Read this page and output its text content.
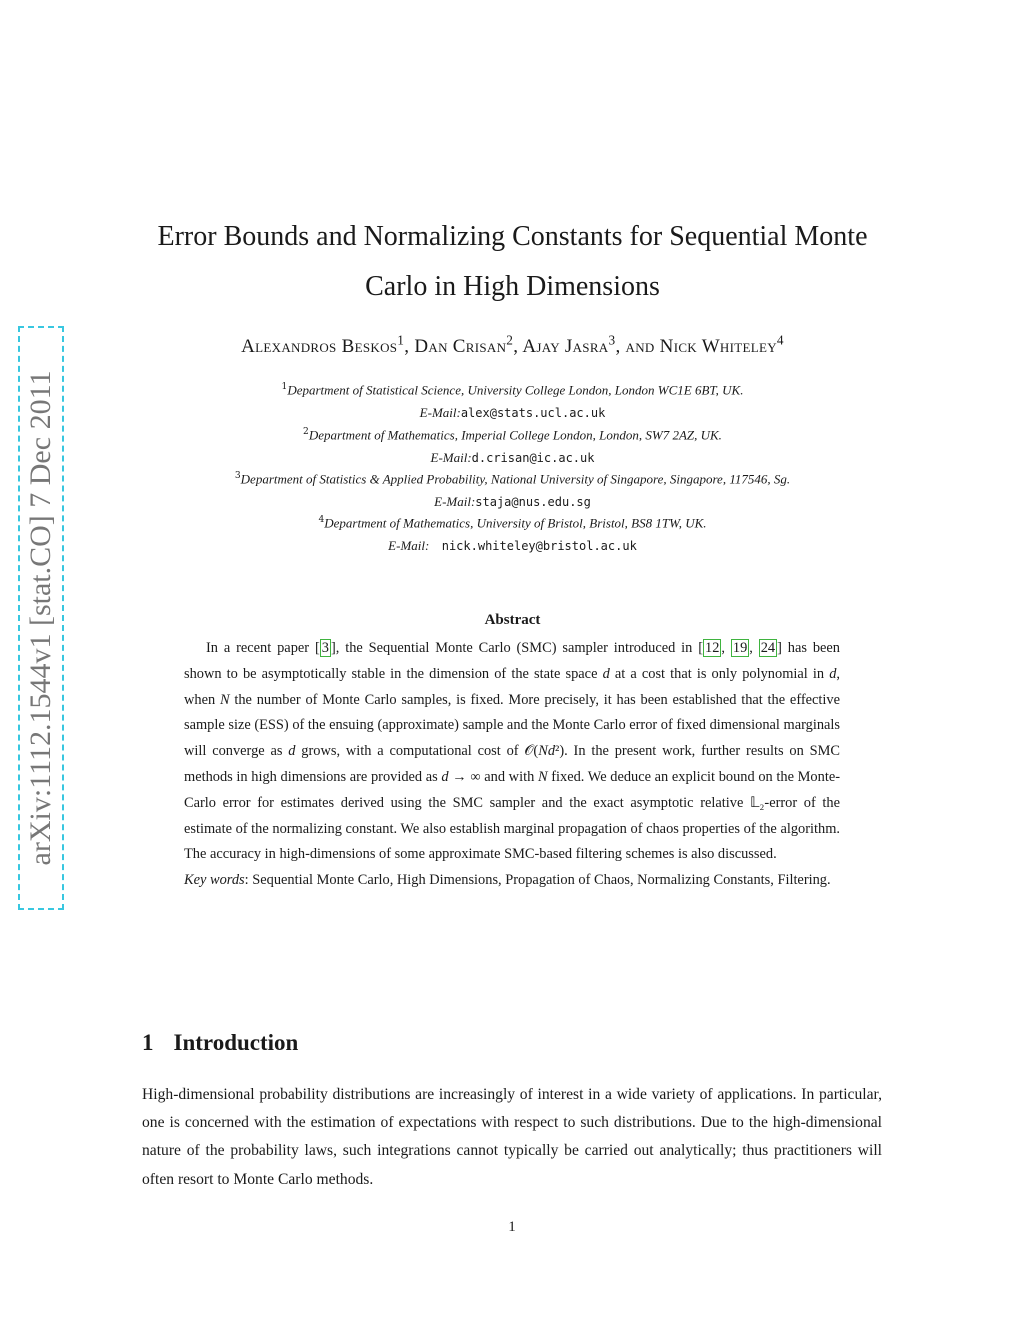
arXiv:1112.1544v1 [stat.CO] 7 Dec 2011
Error Bounds and Normalizing Constants for Sequential Monte
Carlo in High Dimensions
Alexandros Beskos$^1$, Dan Crisan$^2$, Ajay Jasra$^3$, and Nick Whiteley$^4$
$^1$Department of Statistical Science, University College London, London WC1E 6BT, UK.
E-Mail:alex@stats.ucl.ac.uk
$^2$Department of Mathematics, Imperial College London, London, SW7 2AZ, UK.
E-Mail:d.crisan@ic.ac.uk
$^3$Department of Statistics & Applied Probability, National University of Singapore, Singapore, 117546, Sg.
E-Mail:staja@nus.edu.sg
$^4$Department of Mathematics, University of Bristol, Bristol, BS8 1TW, UK.
E-Mail: nick.whiteley@bristol.ac.uk
Abstract

In a recent paper [ 3 ], the Sequential Monte Carlo (SMC) sampler introduced in [ 12 , 19 , 24 ] has been shown to be asymptotically stable in the dimension of the state space d at a cost that is only polynomial in d, when N the number of Monte Carlo samples, is fixed. More precisely, it has been established that the effective sample size (ESS) of the ensuing (approximate) sample and the Monte Carlo error of fixed dimensional marginals will converge as d grows, with a computational cost of 𝒪(Nd²). In the present work, further results on SMC methods in high dimensions are provided as d → ∞ and with N fixed. We deduce an explicit bound on the Monte-Carlo error for estimates derived using the SMC sampler and the exact asymptotic relative 𝕃₂-error of the estimate of the normalizing constant. We also establish marginal propagation of chaos properties of the algorithm. The accuracy in high-dimensions of some approximate SMC-based filtering schemes is also discussed.

Key words: Sequential Monte Carlo, High Dimensions, Propagation of Chaos, Normalizing Constants, Filtering.

1 Introduction

High-dimensional probability distributions are increasingly of interest in a wide variety of applications. In particular, one is concerned with the estimation of expectations with respect to such distributions. Due to the high-dimensional nature of the probability laws, such integrations cannot typically be carried out analytically; thus practitioners will often resort to Monte Carlo methods.

1
